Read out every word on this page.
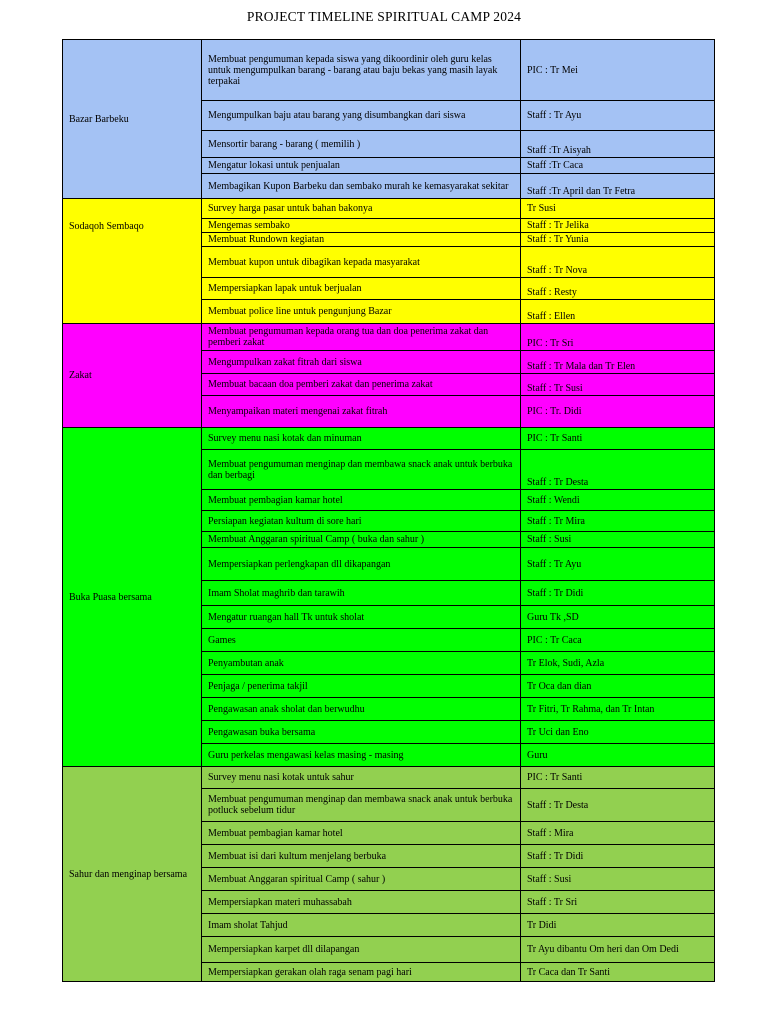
PROJECT TIMELINE SPIRITUAL CAMP 2024
Bazar Barbeku	Membuat pengumuman kepada siswa yang dikoordinir oleh guru kelas untuk mengumpulkan barang - barang atau baju bekas yang masih layak terpakai	PIC : Tr Mei
	Mengumpulkan baju atau barang yang disumbangkan dari siswa	Staff : Tr Ayu
	Mensortir barang - barang ( memilih )	Staff :Tr Aisyah
	Mengatur lokasi untuk penjualan	Staff :Tr Caca
	Membagikan Kupon Barbeku dan sembako murah ke kemasyarakat sekitar	Staff :Tr April dan Tr Fetra
Sodaqoh Sembaqo	Survey harga pasar untuk bahan bakonya	Tr Susi
	Mengemas sembako	Staff : Tr Jelika
	Membuat Rundown kegiatan	Staff : Tr Yunia
	Membuat kupon untuk dibagikan kepada masyarakat	Staff : Tr Nova
	Mempersiapkan lapak untuk berjualan	Staff : Resty
	Membuat police line untuk pengunjung Bazar	Staff : Ellen
Zakat	Membuat pengumuman kepada orang tua dan doa penerima zakat dan pemberi zakat	PIC : Tr Sri
	Mengumpulkan zakat fitrah dari siswa	Staff : Tr Mala dan Tr Elen
	Membuat bacaan doa pemberi zakat dan penerima zakat	Staff : Tr Susi
	Menyampaikan materi mengenai zakat fitrah	PIC : Tr. Didi
Buka Puasa bersama	Survey menu nasi kotak dan minuman	PIC : Tr Santi
	Membuat pengumuman menginap dan membawa snack anak untuk berbuka dan berbagi	Staff : Tr Desta
	Membuat pembagian kamar hotel	Staff : Wendi
	Persiapan kegiatan kultum di sore hari	Staff : Tr Mira
	Membuat Anggaran spiritual Camp ( buka dan sahur )	Staff : Susi
	Mempersiapkan perlengkapan dll dikapangan	Staff : Tr Ayu
	Imam Sholat maghrib dan tarawih	Staff : Tr Didi
	Mengatur ruangan hall Tk untuk sholat	Guru Tk ,SD
	Games	PIC : Tr Caca
	Penyambutan anak	Tr Elok, Sudi, Azla
	Penjaga / penerima takjil	Tr Oca dan dian
	Pengawasan anak sholat dan berwudhu	Tr Fitri, Tr Rahma, dan Tr Intan
	Pengawasan buka bersama	Tr Uci dan Eno
	Guru perkelas mengawasi kelas masing - masing	Guru
Sahur dan menginap bersama	Survey menu nasi kotak untuk sahur	PIC : Tr Santi
	Membuat pengumuman menginap dan membawa snack anak untuk berbuka potluck sebelum tidur	Staff : Tr Desta
	Membuat pembagian kamar hotel	Staff : Mira
	Membuat isi dari kultum menjelang berbuka	Staff : Tr Didi
	Membuat Anggaran spiritual Camp ( sahur )	Staff : Susi
	Mempersiapkan materi muhassabah	Staff : Tr Sri
	Imam sholat Tahjud	Tr Didi
	Mempersiapkan karpet dll dilapangan	Tr Ayu dibantu Om heri dan Om Dedi
	Mempersiapkan gerakan olah raga senam pagi hari	Tr Caca dan Tr Santi
